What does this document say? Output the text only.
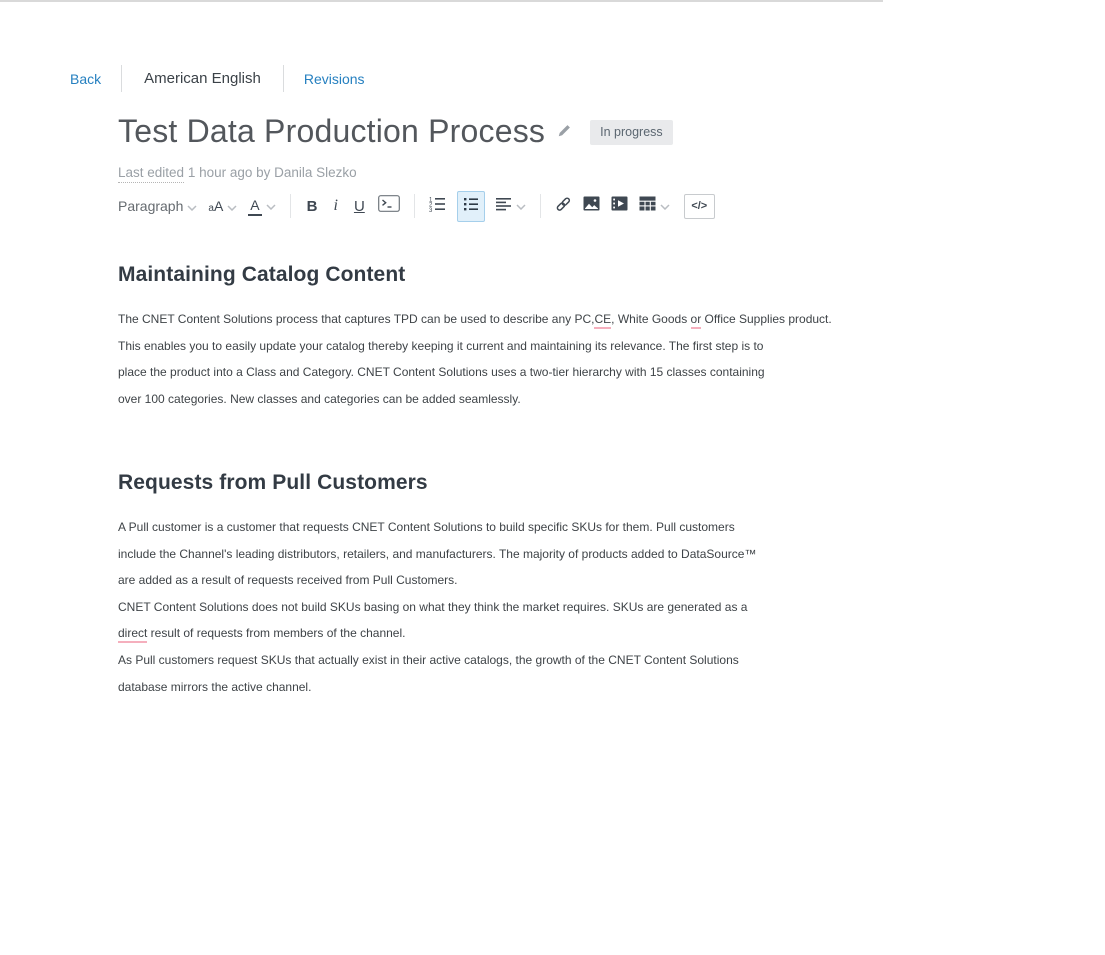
Back	American English	Revisions
Test Data Production Process	In progress
Last edited 1 hour ago by Danila Slezko
Paragraph	aA A	B i U	1
2
3	</>
Maintaining Catalog Content
The CNET Content Solutions process that captures TPD can be used to describe any PC,CE, White Goods or Office Supplies product.
This enables you to easily update your catalog thereby keeping it current and maintaining its relevance. The first step is to
place the product into a Class and Category. CNET Content Solutions uses a two-tier hierarchy with 15 classes containing
over 100 categories. New classes and categories can be added seamlessly.
Requests from Pull Customers
A Pull customer is a customer that requests CNET Content Solutions to build specific SKUs for them. Pull customers
include the Channel's leading distributors, retailers, and manufacturers. The majority of products added to DataSource™
are added as a result of requests received from Pull Customers.
CNET Content Solutions does not build SKUs basing on what they think the market requires. SKUs are generated as a
direct result of requests from members of the channel.
As Pull customers request SKUs that actually exist in their active catalogs, the growth of the CNET Content Solutions
database mirrors the active channel.
